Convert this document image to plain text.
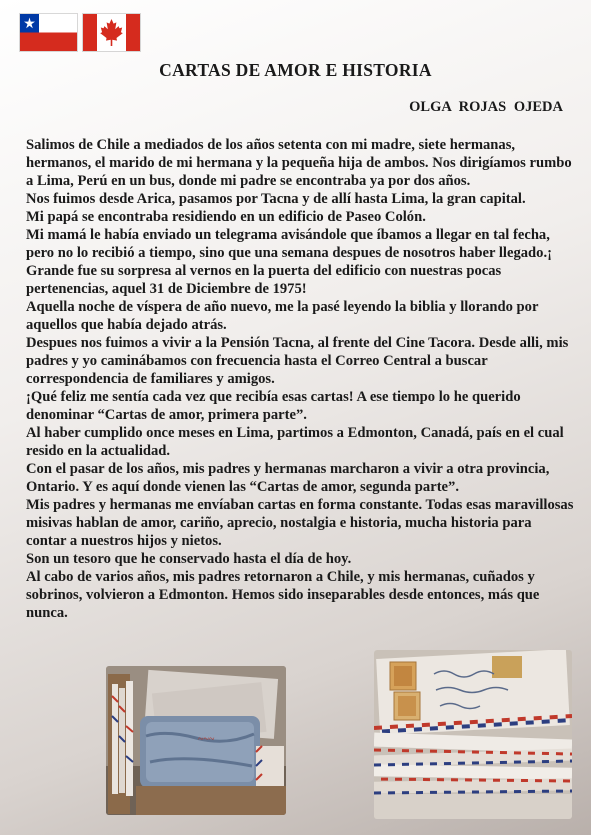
CARTAS DE AMOR E HISTORIA
OLGA ROJAS OJEDA

Salimos de Chile a mediados de los años setenta con mi madre, siete hermanas, hermanos, el marido de mi hermana y la pequeña hija de ambos. Nos dirigíamos rumbo a Lima, Perú en un bus, donde mi padre se encontraba ya por dos años.

Nos fuimos desde Arica, pasamos por Tacna y de allí hasta Lima, la gran capital.

Mi papá se encontraba residiendo en un edificio de Paseo Colón.

Mi mamá le había enviado un telegrama avisándole que íbamos a llegar en tal fecha, pero no lo recibió a tiempo, sino que una semana despues de nosotros haber llegado.¡ Grande fue su sorpresa al vernos en la puerta del edificio con nuestras pocas pertenencias, aquel 31 de Diciembre de 1975!

Aquella noche de víspera de año nuevo, me la pasé leyendo la biblia y llorando por aquellos que había dejado atrás.

Despues nos fuimos a vivir a la Pensión Tacna, al frente del Cine Tacora. Desde alli, mis padres y yo caminábamos con frecuencia hasta el Correo Central a buscar correspondencia de familiares y amigos.

¡Qué feliz me sentía cada vez que recibía esas cartas! A ese tiempo lo he querido denominar “Cartas de amor, primera parte”.

Al haber cumplido once meses en Lima, partimos a Edmonton, Canadá, país en el cual resido en la actualidad.

Con el pasar de los años, mis padres y hermanas marcharon a vivir a otra provincia, Ontario. Y es aquí donde vienen las “Cartas de amor, segunda parte”.

Mis padres y hermanas me envíaban cartas en forma constante. Todas esas maravillosas misivas hablan de amor, cariño, aprecio, nostalgia e historia, mucha historia para contar a nuestros hijos y nietos.

Son un tesoro que he conservado hasta el día de hoy.

Al cabo de varios años, mis padres retornaron a Chile, y mis hermanas, cuñados y sobrinos, volvieron a Edmonton. Hemos sido inseparables desde entonces, más que nunca.

~~~
